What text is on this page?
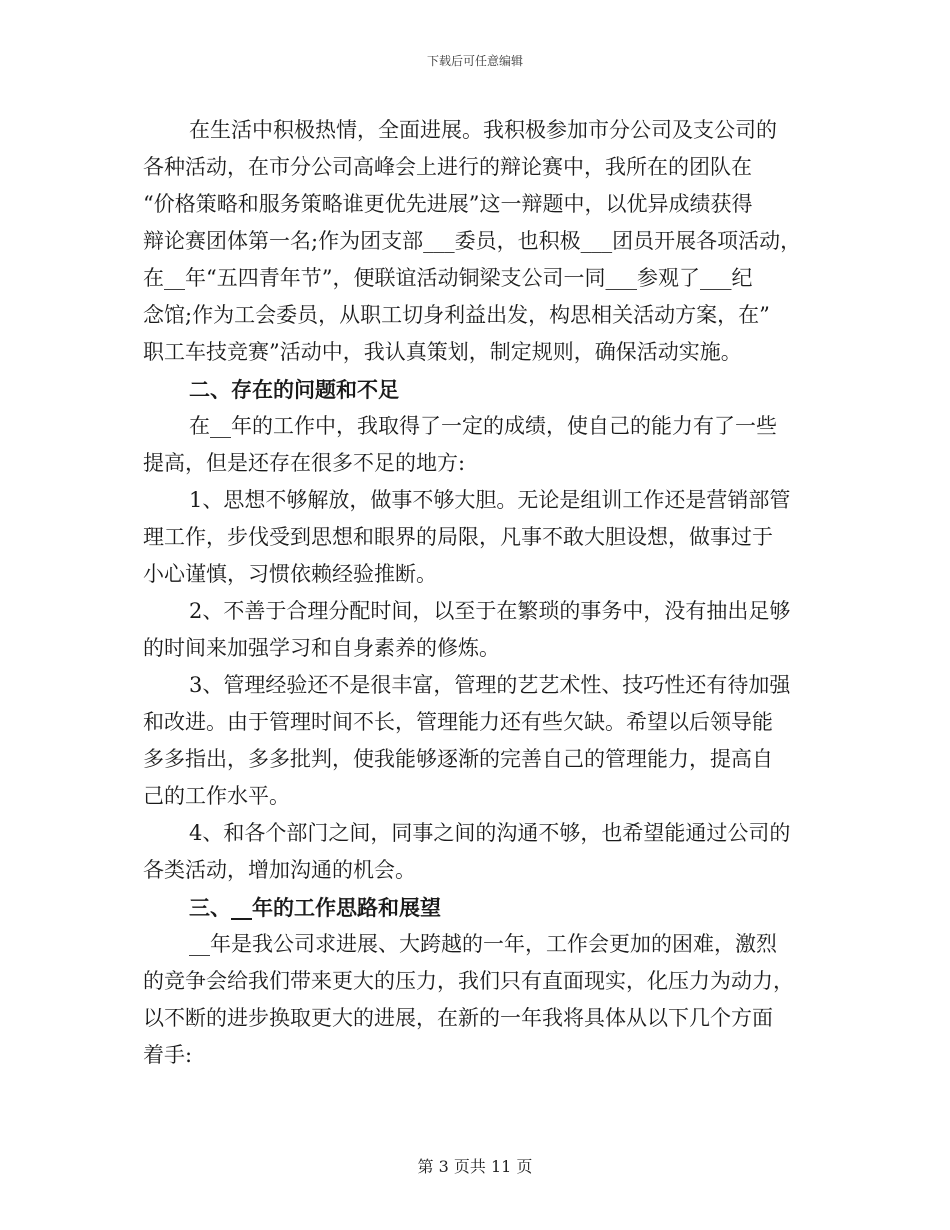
下载后可任意编辑
在生活中积极热情，全面进展。我积极参加市分公司及支公司的
各种活动，在市分公司高峰会上进行的辩论赛中，我所在的团队在
“价格策略和服务策略谁更优先进展”这一辩题中，以优异成绩获得
辩论赛团体第一名;作为团支部___委员，也积极___团员开展各项活动，
在__年“五四青年节”，便联谊活动铜梁支公司一同___参观了___纪
念馆;作为工会委员，从职工切身利益出发，构思相关活动方案，在”
职工车技竞赛”活动中，我认真策划，制定规则，确保活动实施。
二、存在的问题和不足
在__年的工作中，我取得了一定的成绩，使自己的能力有了一些
提高，但是还存在很多不足的地方:
1、思想不够解放，做事不够大胆。无论是组训工作还是营销部管
理工作，步伐受到思想和眼界的局限，凡事不敢大胆设想，做事过于
小心谨慎，习惯依赖经验推断。
2、不善于合理分配时间，以至于在繁琐的事务中，没有抽出足够
的时间来加强学习和自身素养的修炼。
3、管理经验还不是很丰富，管理的艺艺术性、技巧性还有待加强
和改进。由于管理时间不长，管理能力还有些欠缺。希望以后领导能
多多指出，多多批判，使我能够逐渐的完善自己的管理能力，提高自
己的工作水平。
4、和各个部门之间，同事之间的沟通不够，也希望能通过公司的
各类活动，增加沟通的机会。
三、__年的工作思路和展望
__年是我公司求进展、大跨越的一年，工作会更加的困难，激烈
的竞争会给我们带来更大的压力，我们只有直面现实，化压力为动力，
以不断的进步换取更大的进展，在新的一年我将具体从以下几个方面
着手:
第 3 页共 11 页
